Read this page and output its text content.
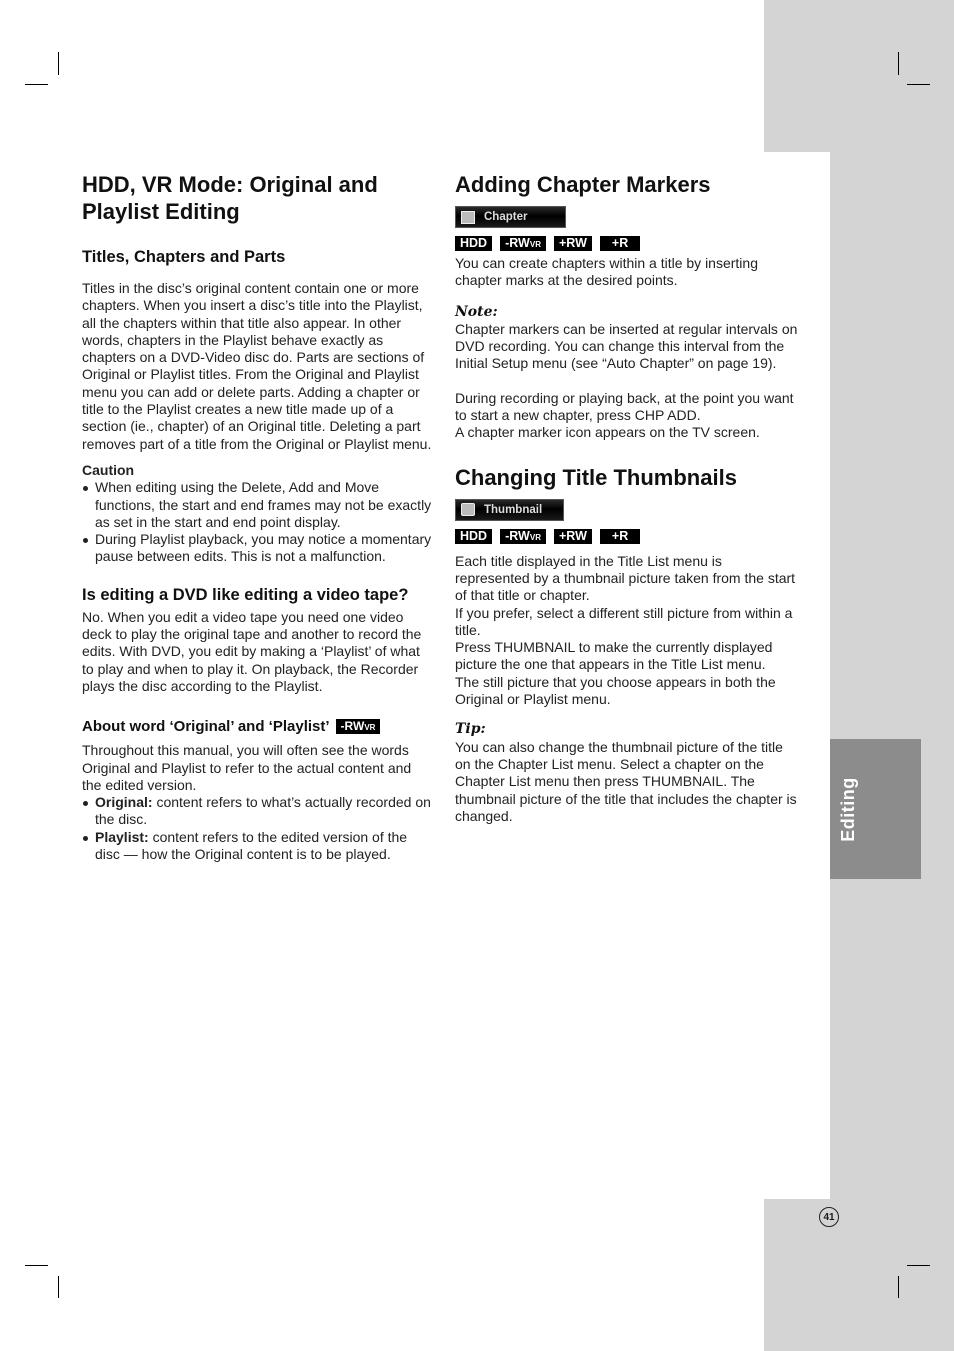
Editing
41
HDD, VR Mode: Original and Playlist Editing
Titles, Chapters and Parts

Titles in the disc’s original content contain one or more chapters. When you insert a disc’s title into the Playlist, all the chapters within that title also appear. In other words, chapters in the Playlist behave exactly as chapters on a DVD-Video disc do. Parts are sections of Original or Playlist titles. From the Original and Playlist menu you can add or delete parts. Adding a chapter or title to the Playlist creates a new title made up of a section (ie., chapter) of an Original title. Deleting a part removes part of a title from the Original or Playlist menu.

Caution

When editing using the Delete, Add and Move functions, the start and end frames may not be exactly as set in the start and end point display.
During Playlist playback, you may notice a momentary pause between edits. This is not a malfunction.
Is editing a DVD like editing a video tape?

No. When you edit a video tape you need one video deck to play the original tape and another to record the edits. With DVD, you edit by making a ‘Playlist’ of what to play and when to play it. On playback, the Recorder plays the disc according to the Playlist.

About word ‘Original’ and ‘Playlist’ -RWVR

Throughout this manual, you will often see the words Original and Playlist to refer to the actual content and the edited version.

Original: content refers to what’s actually recorded on the disc.
Playlist: content refers to the edited version of the disc — how the Original content is to be played.
Adding Chapter Markers
Chapter
HDD	-RWVR	+RW	+R

You can create chapters within a title by inserting chapter marks at the desired points.

Note:

Chapter markers can be inserted at regular intervals on DVD recording. You can change this interval from the Initial Setup menu (see “Auto Chapter” on page 19).

During recording or playing back, at the point you want to start a new chapter, press CHP ADD.

A chapter marker icon appears on the TV screen.

Changing Title Thumbnails
Thumbnail
HDD	-RWVR	+RW	+R

Each title displayed in the Title List menu is represented by a thumbnail picture taken from the start of that title or chapter.

If you prefer, select a different still picture from within a title.

Press THUMBNAIL to make the currently displayed picture the one that appears in the Title List menu.

The still picture that you choose appears in both the Original or Playlist menu.

Tip:

You can also change the thumbnail picture of the title on the Chapter List menu. Select a chapter on the Chapter List menu then press THUMBNAIL. The thumbnail picture of the title that includes the chapter is changed.
